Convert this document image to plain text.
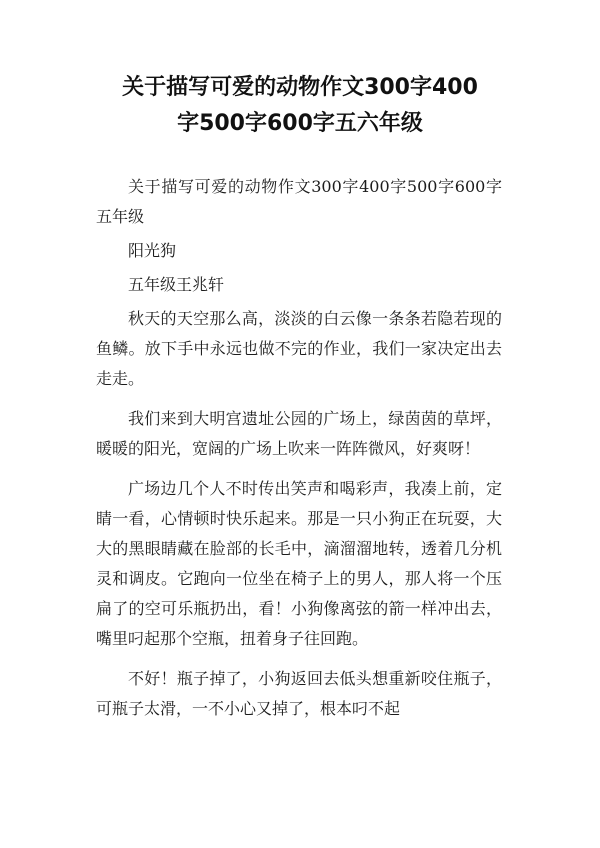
关于描写可爱的动物作文300字400
字500字600字五六年级

关于描写可爱的动物作文300字400字500字600字五年级

阳光狗

五年级王兆轩

秋天的天空那么高，淡淡的白云像一条条若隐若现的鱼鳞。放下手中永远也做不完的作业，我们一家决定出去走走。

我们来到大明宫遗址公园的广场上，绿茵茵的草坪，暖暖的阳光，宽阔的广场上吹来一阵阵微风，好爽呀！

广场边几个人不时传出笑声和喝彩声，我凑上前，定睛一看，心情顿时快乐起来。那是一只小狗正在玩耍，大大的黑眼睛藏在脸部的长毛中，滴溜溜地转，透着几分机灵和调皮。它跑向一位坐在椅子上的男人，那人将一个压扁了的空可乐瓶扔出，看！小狗像离弦的箭一样冲出去，嘴里叼起那个空瓶，扭着身子往回跑。

不好！瓶子掉了，小狗返回去低头想重新咬住瓶子，可瓶子太滑，一不小心又掉了，根本叼不起
